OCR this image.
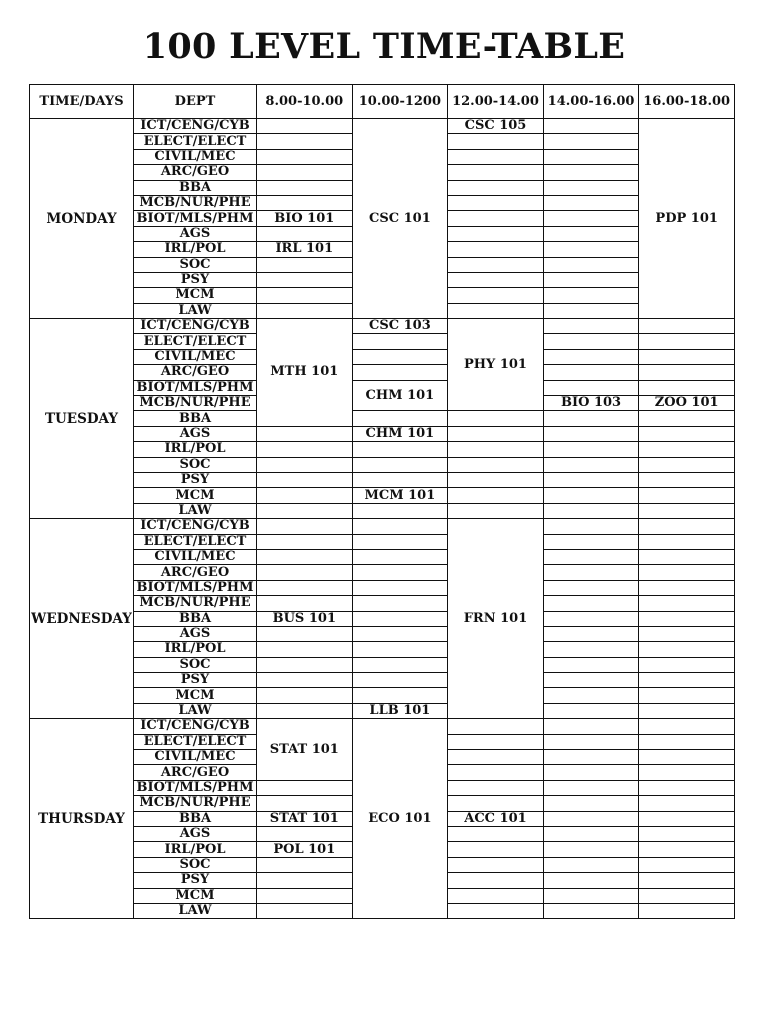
100 LEVEL TIME-TABLE
TIME/DAYS	DEPT	8.00-10.00	10.00-1200	12.00-14.00	14.00-16.00	16.00-18.00
MONDAY	ICT/CENG/CYB		CSC 101	CSC 105		PDP 101
	ELECT/ELECT					
	CIVIL/MEC					
	ARC/GEO					
	BBA					
	MCB/NUR/PHE					
	BIOT/MLS/PHM	BIO 101				
	AGS					
	IRL/POL	IRL 101				
	SOC					
	PSY					
	MCM					
	LAW					
TUESDAY	ICT/CENG/CYB	MTH 101	CSC 103	PHY 101		
	ELECT/ELECT					
	CIVIL/MEC					
	ARC/GEO					
	BIOT/MLS/PHM		CHM 101			
	MCB/NUR/PHE				BIO 103	ZOO 101
	BBA					
	AGS		CHM 101			
	IRL/POL					
	SOC					
	PSY					
	MCM		MCM 101			
	LAW					
WEDNESDAY	ICT/CENG/CYB			FRN 101		
	ELECT/ELECT					
	CIVIL/MEC					
	ARC/GEO					
	BIOT/MLS/PHM					
	MCB/NUR/PHE					
	BBA	BUS 101				
	AGS					
	IRL/POL					
	SOC					
	PSY					
	MCM					
	LAW		LLB 101			
THURSDAY	ICT/CENG/CYB	STAT 101	ECO 101			
	ELECT/ELECT					
	CIVIL/MEC					
	ARC/GEO					
	BIOT/MLS/PHM					
	MCB/NUR/PHE					
	BBA	STAT 101		ACC 101		
	AGS					
	IRL/POL	POL 101				
	SOC					
	PSY					
	MCM					
	LAW					
